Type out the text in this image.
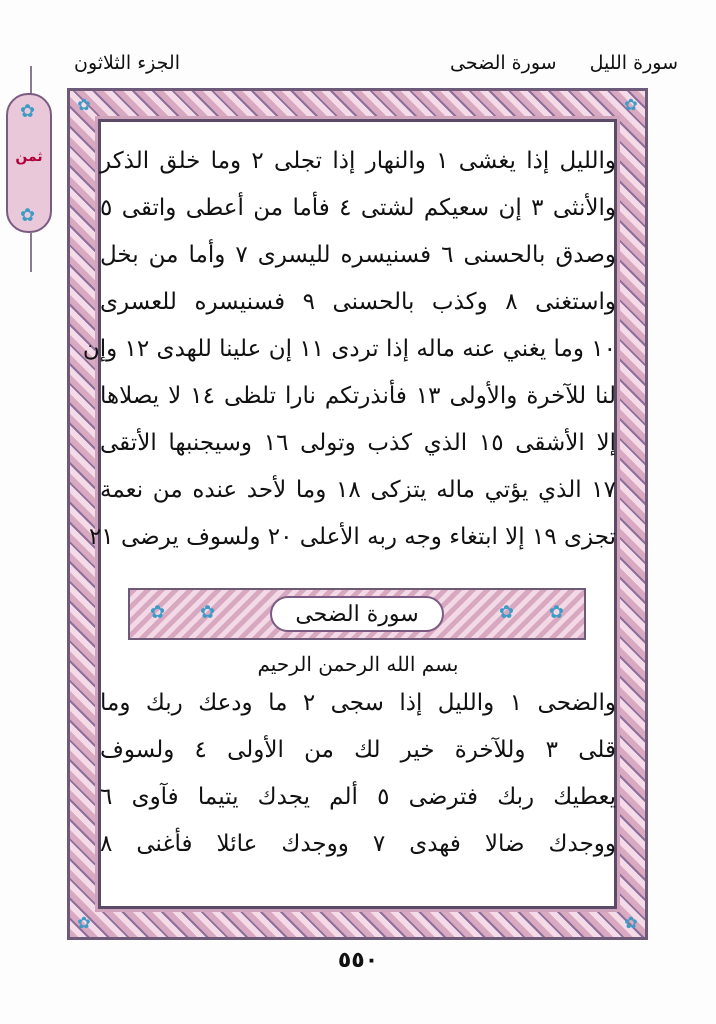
سورة الليل
سورة الضحى
الجزء الثلاثون
✿
ثمن
✿
✿	✿
✿	✿
والليل إذا يغشى ١ والنهار إذا تجلى ٢ وما خلق الذكر
والأنثى ٣ إن سعيكم لشتى ٤ فأما من أعطى واتقى ٥
وصدق بالحسنى ٦ فسنيسره لليسرى ٧ وأما من بخل
واستغنى ٨ وكذب بالحسنى ٩ فسنيسره للعسرى
١٠ وما يغني عنه ماله إذا تردى ١١ إن علينا للهدى ١٢ وإن
لنا للآخرة والأولى ١٣ فأنذرتكم نارا تلظى ١٤ لا يصلاها
إلا الأشقى ١٥ الذي كذب وتولى ١٦ وسيجنبها الأتقى
١٧ الذي يؤتي ماله يتزكى ١٨ وما لأحد عنده من نعمة
تجزى ١٩ إلا ابتغاء وجه ربه الأعلى ٢٠ ولسوف يرضى ٢١
والضحى ١ والليل إذا سجى ٢ ما ودعك ربك وما
قلى ٣ وللآخرة خير لك من الأولى ٤ ولسوف
يعطيك ربك فترضى ٥ ألم يجدك يتيما فآوى ٦
ووجدك ضالا فهدى ٧ ووجدك عائلا فأغنى ٨
✿ ✿	سورة الضحى	✿ ✿
بسم الله الرحمن الرحيم
٥٥٠
